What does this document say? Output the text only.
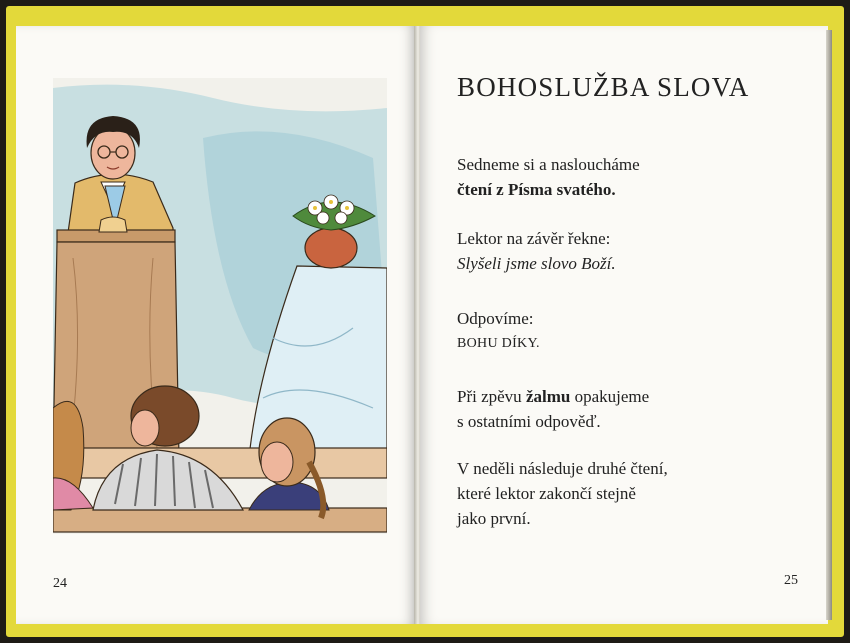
24
BOHOSLUŽBA SLOVA
Sedneme si a nasloucháme
čtení z Písma svatého.
Lektor na závěr řekne:
Slyšeli jsme slovo Boží.
Odpovíme:
BOHU DÍKY.
Při zpěvu žalmu opakujeme
s ostatními odpověď.
V neděli následuje druhé čtení,
které lektor zakončí stejně
jako první.
25
